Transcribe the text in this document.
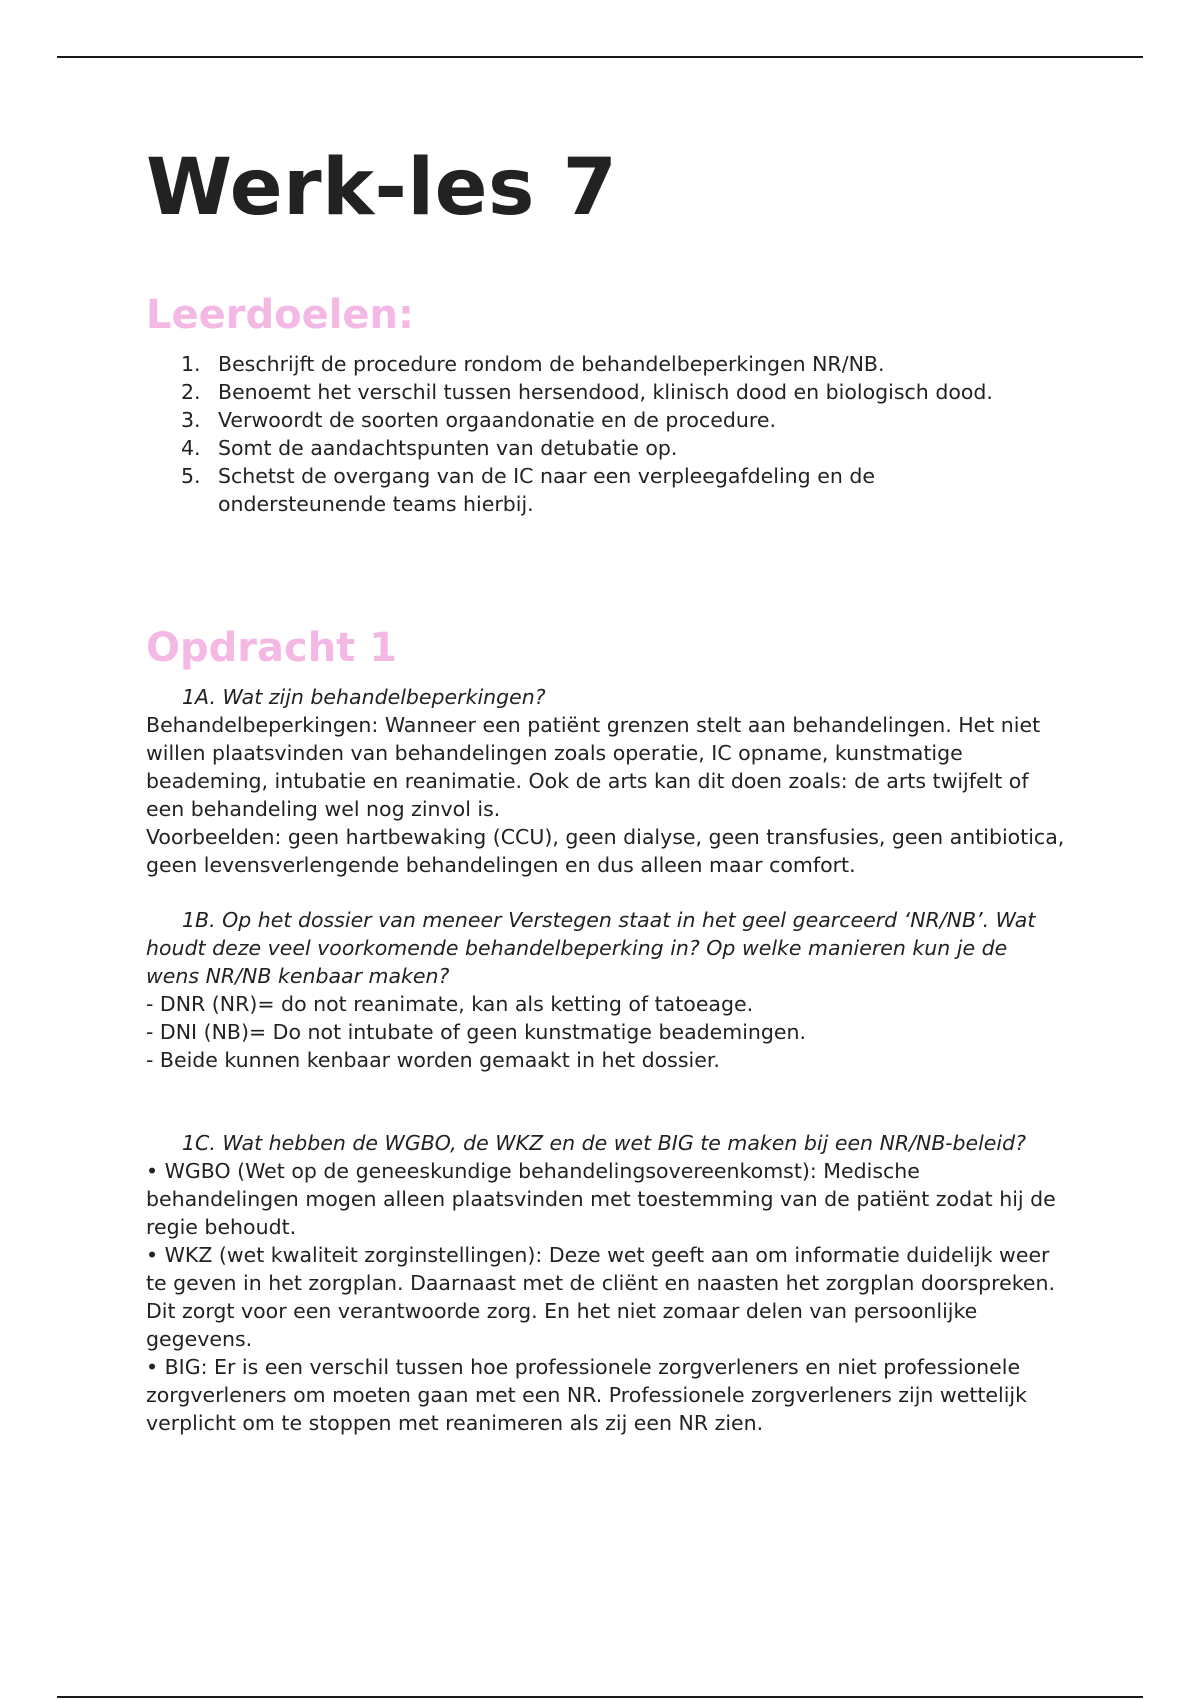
Werk-les 7
Leerdoelen:
1. Beschrijft de procedure rondom de behandelbeperkingen NR/NB.
2. Benoemt het verschil tussen hersendood, klinisch dood en biologisch dood.
3. Verwoordt de soorten orgaandonatie en de procedure.
4. Somt de aandachtspunten van detubatie op.
5. Schetst de overgang van de IC naar een verpleegafdeling en de ondersteunende teams hierbij.
Opdracht 1

1A. Wat zijn behandelbeperkingen?

Behandelbeperkingen: Wanneer een patiënt grenzen stelt aan behandelingen. Het niet willen plaatsvinden van behandelingen zoals operatie, IC opname, kunstmatige beademing, intubatie en reanimatie. Ook de arts kan dit doen zoals: de arts twijfelt of een behandeling wel nog zinvol is.

Voorbeelden: geen hartbewaking (CCU), geen dialyse, geen transfusies, geen antibiotica, geen levensverlengende behandelingen en dus alleen maar comfort.

1B. Op het dossier van meneer Verstegen staat in het geel gearceerd ‘NR/NB’. Wat houdt deze veel voorkomende behandelbeperking in? Op welke manieren kun je de wens NR/NB kenbaar maken?

- DNR (NR)= do not reanimate, kan als ketting of tatoeage.

- DNI (NB)= Do not intubate of geen kunstmatige beademingen.

- Beide kunnen kenbaar worden gemaakt in het dossier.

1C. Wat hebben de WGBO, de WKZ en de wet BIG te maken bij een NR/NB-beleid?

• WGBO (Wet op de geneeskundige behandelingsovereenkomst): Medische behandelingen mogen alleen plaatsvinden met toestemming van de patiënt zodat hij de regie behoudt.

• WKZ (wet kwaliteit zorginstellingen): Deze wet geeft aan om informatie duidelijk weer te geven in het zorgplan. Daarnaast met de cliënt en naasten het zorgplan doorspreken. Dit zorgt voor een verantwoorde zorg. En het niet zomaar delen van persoonlijke gegevens.

• BIG: Er is een verschil tussen hoe professionele zorgverleners en niet professionele zorgverleners om moeten gaan met een NR. Professionele zorgverleners zijn wettelijk verplicht om te stoppen met reanimeren als zij een NR zien.
